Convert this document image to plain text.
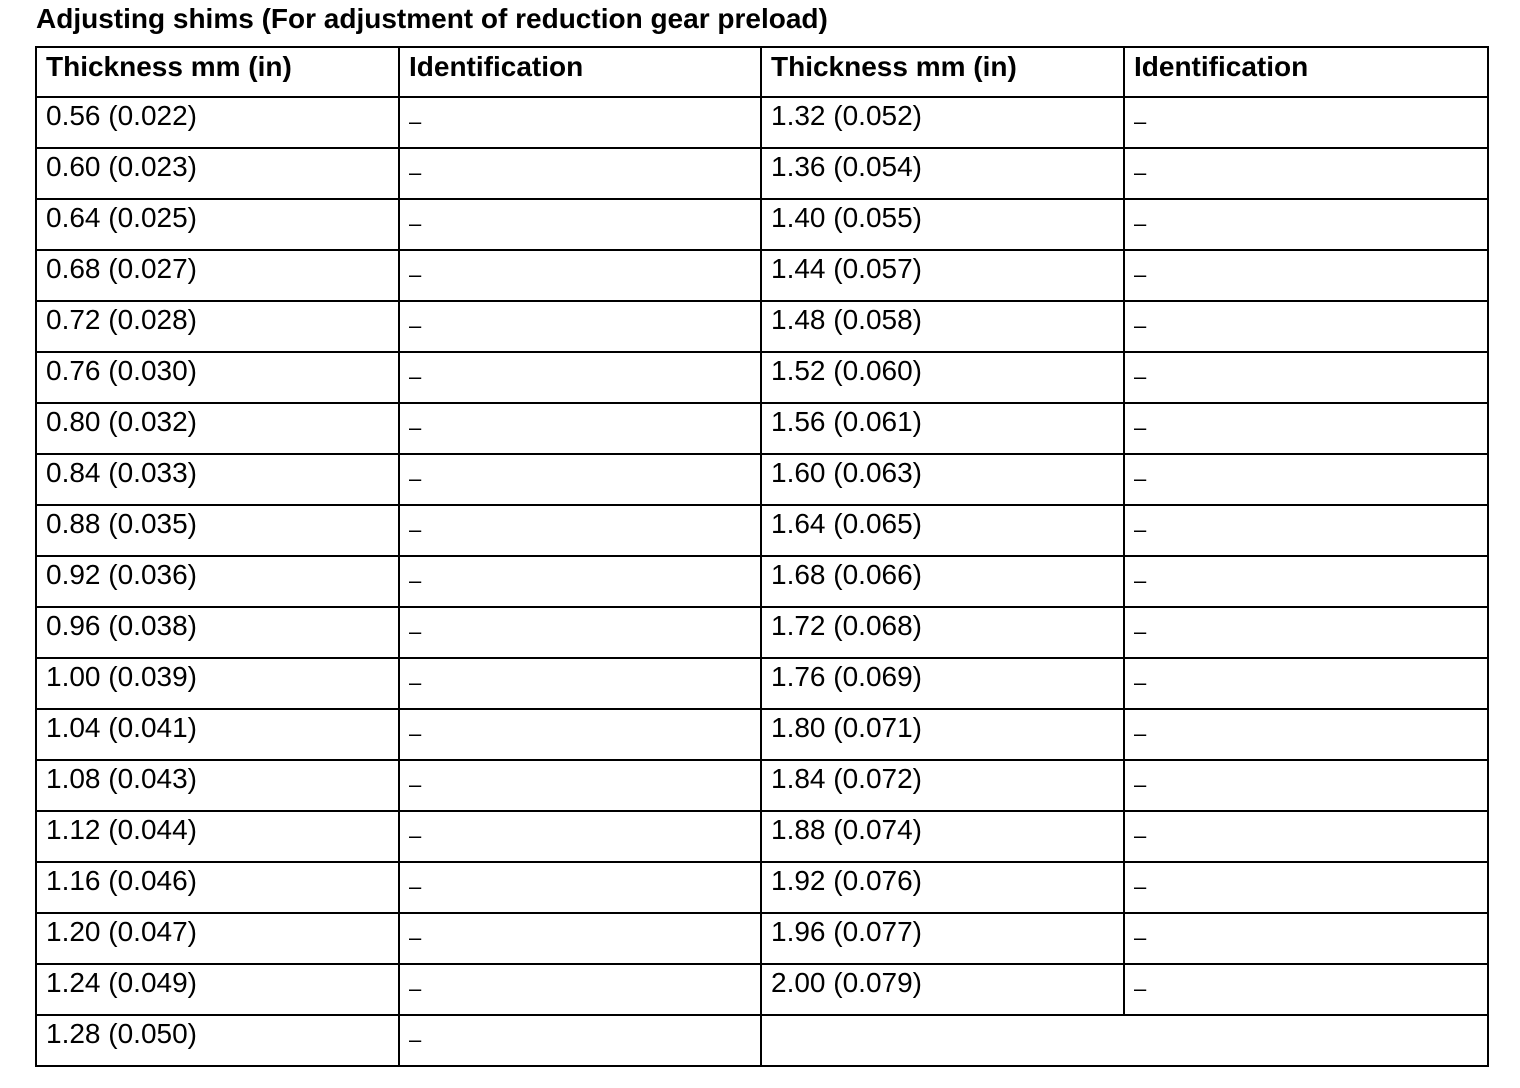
Adjusting shims (For adjustment of reduction gear preload)
Thickness mm (in)	Identification	Thickness mm (in)	Identification
0.56 (0.022)	–	1.32 (0.052)	–
0.60 (0.023)	–	1.36 (0.054)	–
0.64 (0.025)	–	1.40 (0.055)	–
0.68 (0.027)	–	1.44 (0.057)	–
0.72 (0.028)	–	1.48 (0.058)	–
0.76 (0.030)	–	1.52 (0.060)	–
0.80 (0.032)	–	1.56 (0.061)	–
0.84 (0.033)	–	1.60 (0.063)	–
0.88 (0.035)	–	1.64 (0.065)	–
0.92 (0.036)	–	1.68 (0.066)	–
0.96 (0.038)	–	1.72 (0.068)	–
1.00 (0.039)	–	1.76 (0.069)	–
1.04 (0.041)	–	1.80 (0.071)	–
1.08 (0.043)	–	1.84 (0.072)	–
1.12 (0.044)	–	1.88 (0.074)	–
1.16 (0.046)	–	1.92 (0.076)	–
1.20 (0.047)	–	1.96 (0.077)	–
1.24 (0.049)	–	2.00 (0.079)	–
1.28 (0.050)	–		
